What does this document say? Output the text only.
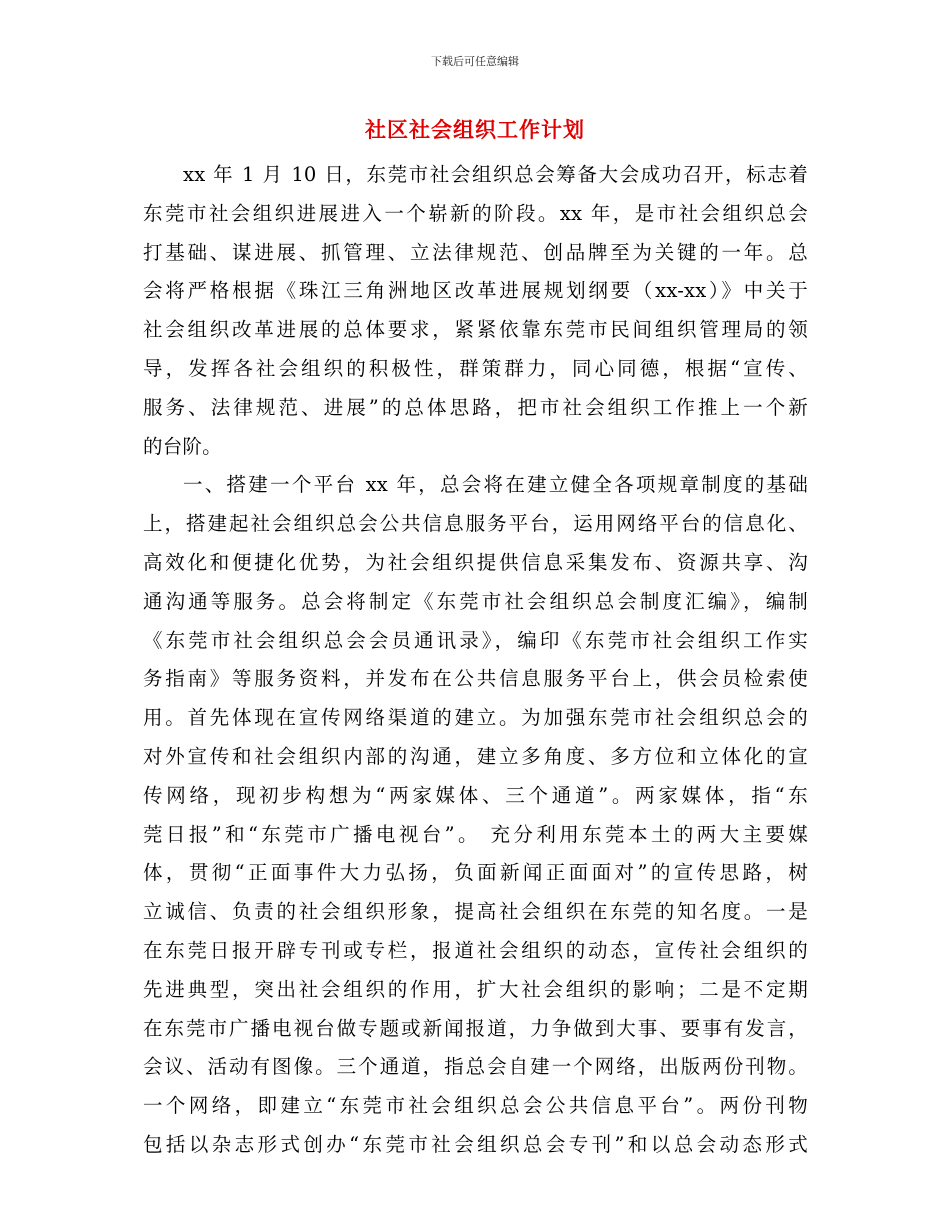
下载后可任意编辑
社区社会组织工作计划
xx 年 1 月 10 日，东莞市社会组织总会筹备大会成功召开，标志着
东莞市社会组织进展进入一个崭新的阶段。xx 年，是市社会组织总会
打基础、谋进展、抓管理、立法律规范、创品牌至为关键的一年。总
会将严格根据《珠江三角洲地区改革进展规划纲要（xx-xx）》中关于
社会组织改革进展的总体要求，紧紧依靠东莞市民间组织管理局的领
导，发挥各社会组织的积极性，群策群力，同心同德，根据“宣传、
服务、法律规范、进展”的总体思路，把市社会组织工作推上一个新
的台阶。
一、搭建一个平台 xx 年，总会将在建立健全各项规章制度的基础
上，搭建起社会组织总会公共信息服务平台，运用网络平台的信息化、
高效化和便捷化优势，为社会组织提供信息采集发布、资源共享、沟
通沟通等服务。总会将制定《东莞市社会组织总会制度汇编》，编制
《东莞市社会组织总会会员通讯录》，编印《东莞市社会组织工作实
务指南》等服务资料，并发布在公共信息服务平台上，供会员检索使
用。首先体现在宣传网络渠道的建立。为加强东莞市社会组织总会的
对外宣传和社会组织内部的沟通，建立多角度、多方位和立体化的宣
传网络，现初步构想为“两家媒体、三个通道”。两家媒体，指“东
莞日报”和“东莞市广播电视台”。 充分利用东莞本土的两大主要媒
体，贯彻“正面事件大力弘扬，负面新闻正面面对”的宣传思路，树
立诚信、负责的社会组织形象，提高社会组织在东莞的知名度。一是
在东莞日报开辟专刊或专栏，报道社会组织的动态，宣传社会组织的
先进典型，突出社会组织的作用，扩大社会组织的影响；二是不定期
在东莞市广播电视台做专题或新闻报道，力争做到大事、要事有发言，
会议、活动有图像。三个通道，指总会自建一个网络，出版两份刊物。
一个网络，即建立“东莞市社会组织总会公共信息平台”。两份刊物
包括以杂志形式创办“东莞市社会组织总会专刊”和以总会动态形式
